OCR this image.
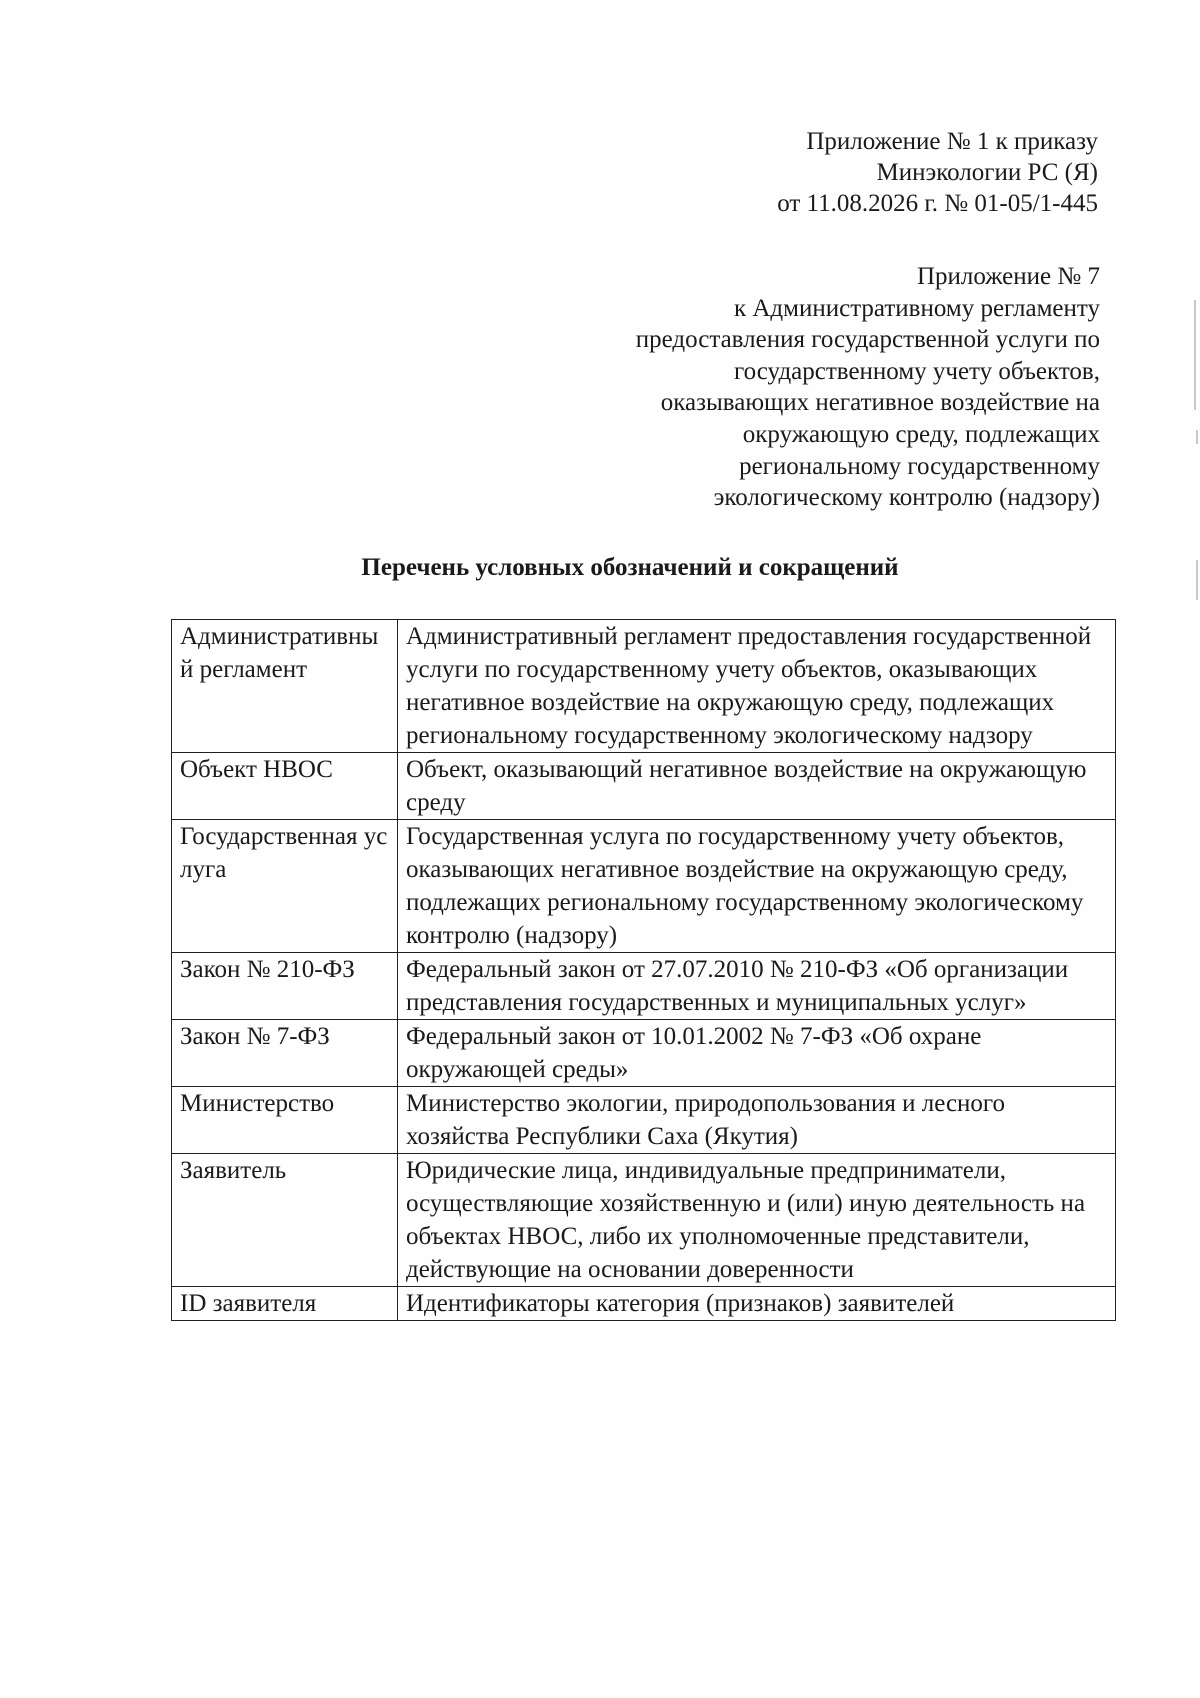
Приложение № 1 к приказу
Минэкологии РС (Я)
от 11.08.2026 г. № 01-05/1-445
Приложение № 7
к Административному регламенту
предоставления государственной услуги по
государственному учету объектов,
оказывающих негативное воздействие на
окружающую среду, подлежащих
региональному государственному
экологическому контролю (надзору)
Перечень условных обозначений и сокращений
Административный регламент	Административный регламент предоставления государственной услуги по государственному учету объектов, оказывающих негативное воздействие на окружающую среду, подлежащих региональному государственному экологическому надзору
Объект НВОС	Объект, оказывающий негативное воздействие на окружающую среду
Государственная услуга	Государственная услуга по государственному учету объектов, оказывающих негативное воздействие на окружающую среду, подлежащих региональному государственному экологическому контролю (надзору)
Закон № 210-ФЗ	Федеральный закон от 27.07.2010 № 210-ФЗ «Об организации представления государственных и муниципальных услуг»
Закон № 7-ФЗ	Федеральный закон от 10.01.2002 № 7-ФЗ «Об охране окружающей среды»
Министерство	Министерство экологии, природопользования и лесного хозяйства Республики Саха (Якутия)
Заявитель	Юридические лица, индивидуальные предприниматели, осуществляющие хозяйственную и (или) иную деятельность на объектах НВОС, либо их уполномоченные представители, действующие на основании доверенности
ID заявителя	Идентификаторы категория (признаков) заявителей
